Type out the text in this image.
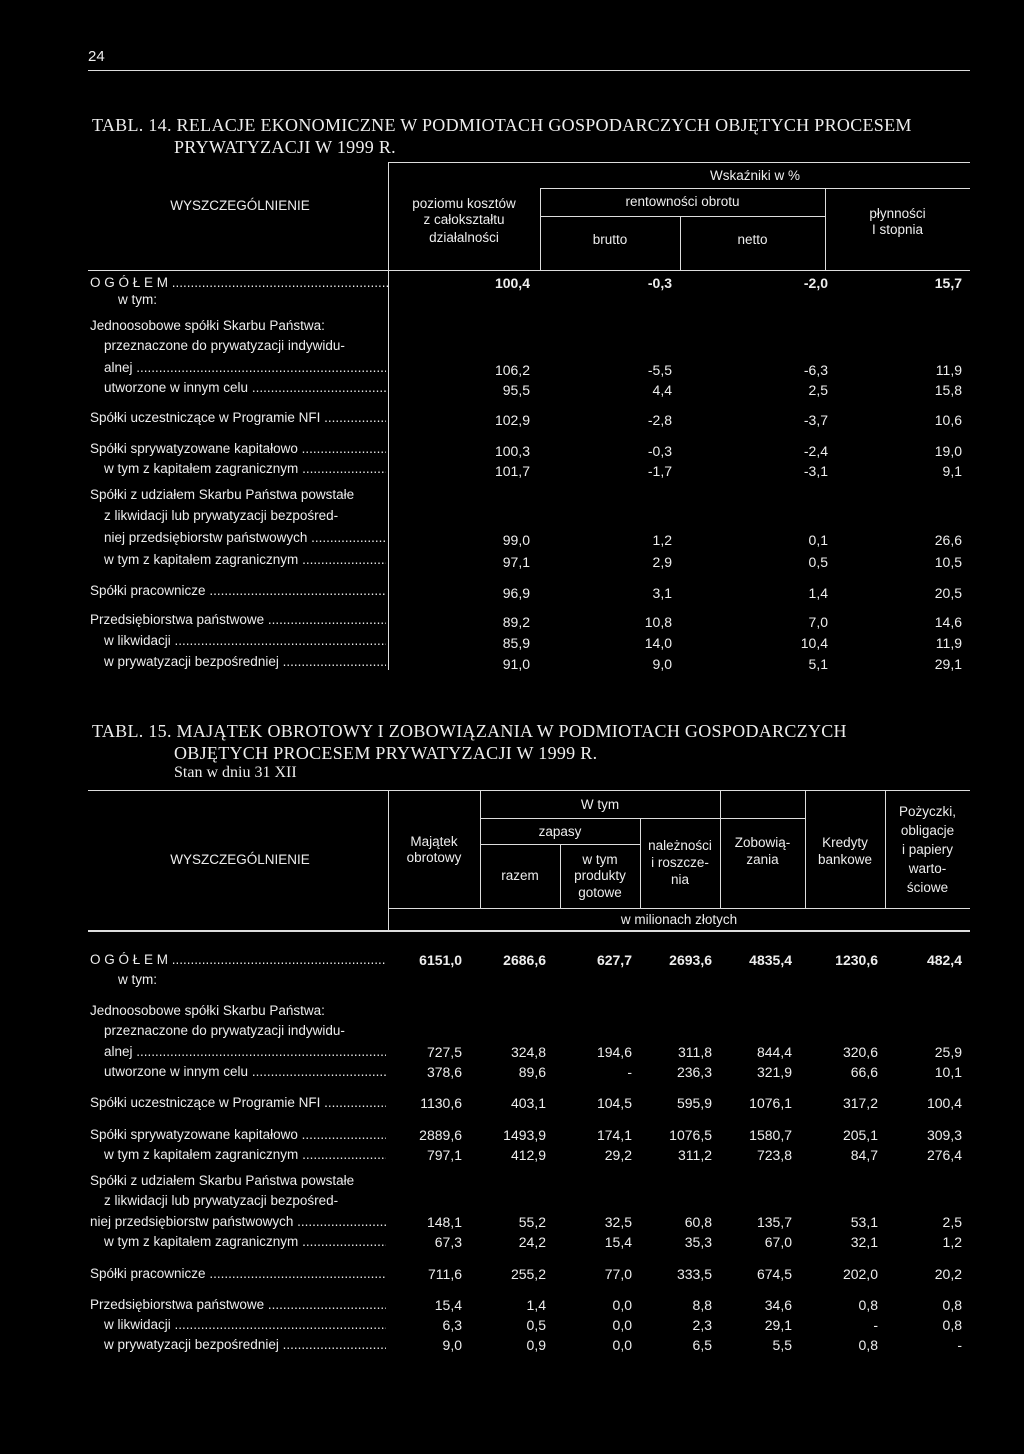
24
TABL. 14. RELACJE EKONOMICZNE W PODMIOTACH GOSPODARCZYCH OBJĘTYCH PROCESEM
PRYWATYZACJI W 1999 R.
WYSZCZEGÓLNIENIE
Wskaźniki w %
poziomu kosztów
z całokształtu
działalności
rentowności obrotu
brutto	netto
płynności
I stopnia
O G Ó Ł E M .....	100,4	-0,3	-2,0	15,7
w tym:
Jednoosobowe spółki Skarbu Państwa:
przeznaczone do prywatyzacji indywidu-
alnej .....	106,2	-5,5	-6,3	11,9
utworzone w innym celu .....	95,5	4,4	2,5	15,8
Spółki uczestniczące w Programie NFI .....	102,9	-2,8	-3,7	10,6
Spółki sprywatyzowane kapitałowo .....	100,3	-0,3	-2,4	19,0
w tym z kapitałem zagranicznym .....	101,7	-1,7	-3,1	9,1
Spółki z udziałem Skarbu Państwa powstałe
z likwidacji lub prywatyzacji bezpośred-
niej przedsiębiorstw państwowych .....	99,0	1,2	0,1	26,6
w tym z kapitałem zagranicznym .....	97,1	2,9	0,5	10,5
Spółki pracownicze .....	96,9	3,1	1,4	20,5
Przedsiębiorstwa państwowe .....	89,2	10,8	7,0	14,6
w likwidacji .....	85,9	14,0	10,4	11,9
w prywatyzacji bezpośredniej .....	91,0	9,0	5,1	29,1
TABL. 15. MAJĄTEK OBROTOWY I ZOBOWIĄZANIA W PODMIOTACH GOSPODARCZYCH
OBJĘTYCH PROCESEM PRYWATYZACJI W 1999 R.
Stan w dniu 31 XII
WYSZCZEGÓLNIENIE
Majątek
obrotowy
W tym
zapasy
razem
w tym
produkty
gotowe
należności
i roszcze-
nia
Zobowią-
zania
Kredyty
bankowe
Pożyczki,
obligacje
i papiery
warto-
ściowe
w milionach złotych
O G Ó Ł E M .....	6151,0	2686,6	627,7	2693,6	4835,4	1230,6	482,4
w tym:
Jednoosobowe spółki Skarbu Państwa:
przeznaczone do prywatyzacji indywidu-
alnej .....	727,5	324,8	194,6	311,8	844,4	320,6	25,9
utworzone w innym celu .....	378,6	89,6	-	236,3	321,9	66,6	10,1
Spółki uczestniczące w Programie NFI .....	1130,6	403,1	104,5	595,9	1076,1	317,2	100,4
Spółki sprywatyzowane kapitałowo .....	2889,6	1493,9	174,1	1076,5	1580,7	205,1	309,3
w tym z kapitałem zagranicznym .....	797,1	412,9	29,2	311,2	723,8	84,7	276,4
Spółki z udziałem Skarbu Państwa powstałe
z likwidacji lub prywatyzacji bezpośred-
niej przedsiębiorstw państwowych .....	148,1	55,2	32,5	60,8	135,7	53,1	2,5
w tym z kapitałem zagranicznym .....	67,3	24,2	15,4	35,3	67,0	32,1	1,2
Spółki pracownicze .....	711,6	255,2	77,0	333,5	674,5	202,0	20,2
Przedsiębiorstwa państwowe .....	15,4	1,4	0,0	8,8	34,6	0,8	0,8
w likwidacji .....	6,3	0,5	0,0	2,3	29,1	-	0,8
w prywatyzacji bezpośredniej .....	9,0	0,9	0,0	6,5	5,5	0,8	-
